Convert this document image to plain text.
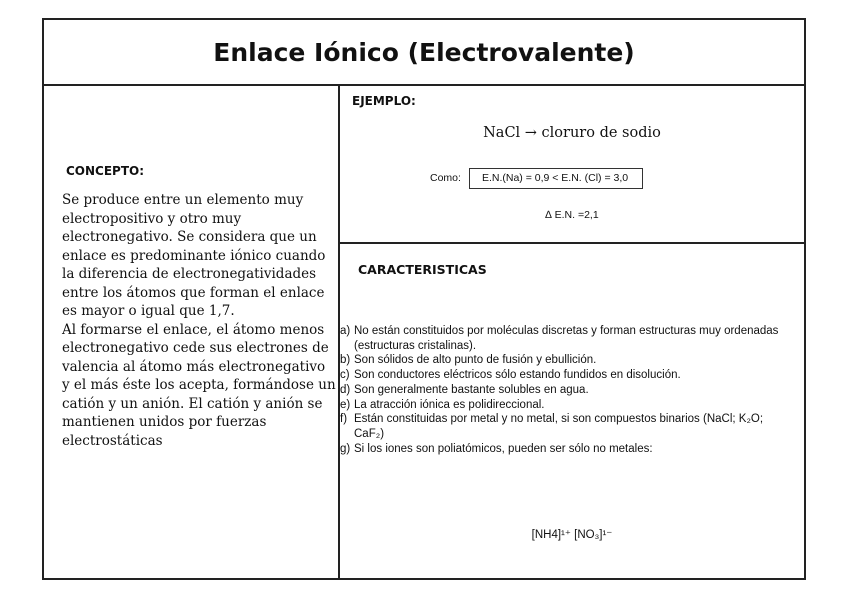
Enlace Iónico (Electrovalente)
CONCEPTO:

Se produce entre un elemento muy electropositivo y otro muy electronegativo. Se considera que un enlace es predominante iónico cuando la diferencia de electronegatividades entre los átomos que forman el enlace es mayor o igual que 1,7.
Al formarse el enlace, el átomo menos electronegativo cede sus electrones de valencia al átomo más electronegativo y el más éste los acepta, formándose un catión y un anión. El catión y anión se mantienen unidos por fuerzas electrostáticas

EJEMPLO:

NaCl → cloruro de sodio

Como:	E.N.(Na) = 0,9 < E.N. (Cl) = 3,0
∆ E.N. =2,1
CARACTERISTICAS
a) No están constituidos por moléculas discretas y forman estructuras muy ordenadas (estructuras cristalinas).
b) Son sólidos de alto punto de fusión y ebullición.
c) Son conductores eléctricos sólo estando fundidos en disolución.
d) Son generalmente bastante solubles en agua.
e) La atracción iónica es polidireccional.
f) Están constituidas por metal y no metal, si son compuestos binarios (NaCl; K₂O; CaF₂)
g) Si los iones son poliatómicos, pueden ser sólo no metales:
[NH4]¹⁺ [NO₃]¹⁻
